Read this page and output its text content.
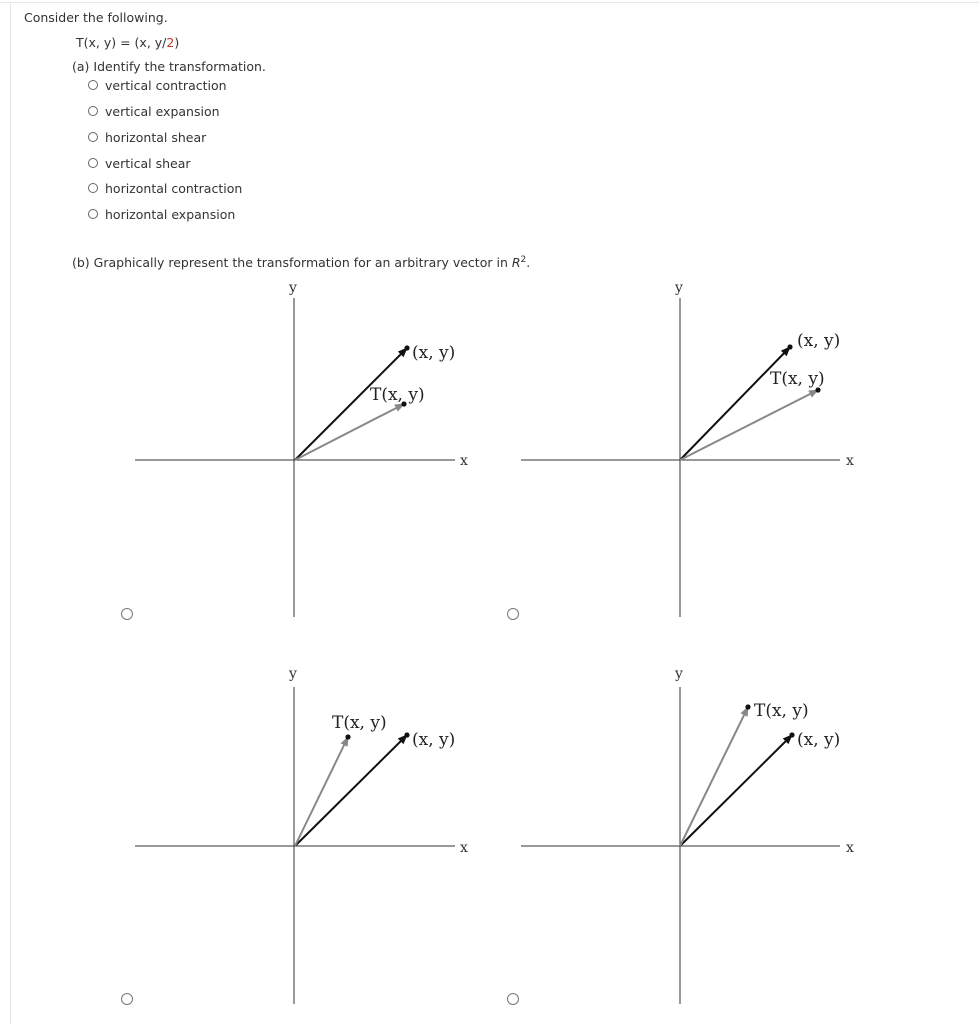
Consider the following.
T(x, y) = (x, y/2)
(a) Identify the transformation.
vertical contraction
vertical expansion
horizontal shear
vertical shear
horizontal contraction
horizontal expansion
(b) Graphically represent the transformation for an arbitrary vector in $R^2$.
y
x
(x, y)
T(x, y)
y
x
(x, y)
T(x, y)
y
x
(x, y)
T(x, y)
y
x
(x, y)
T(x, y)
